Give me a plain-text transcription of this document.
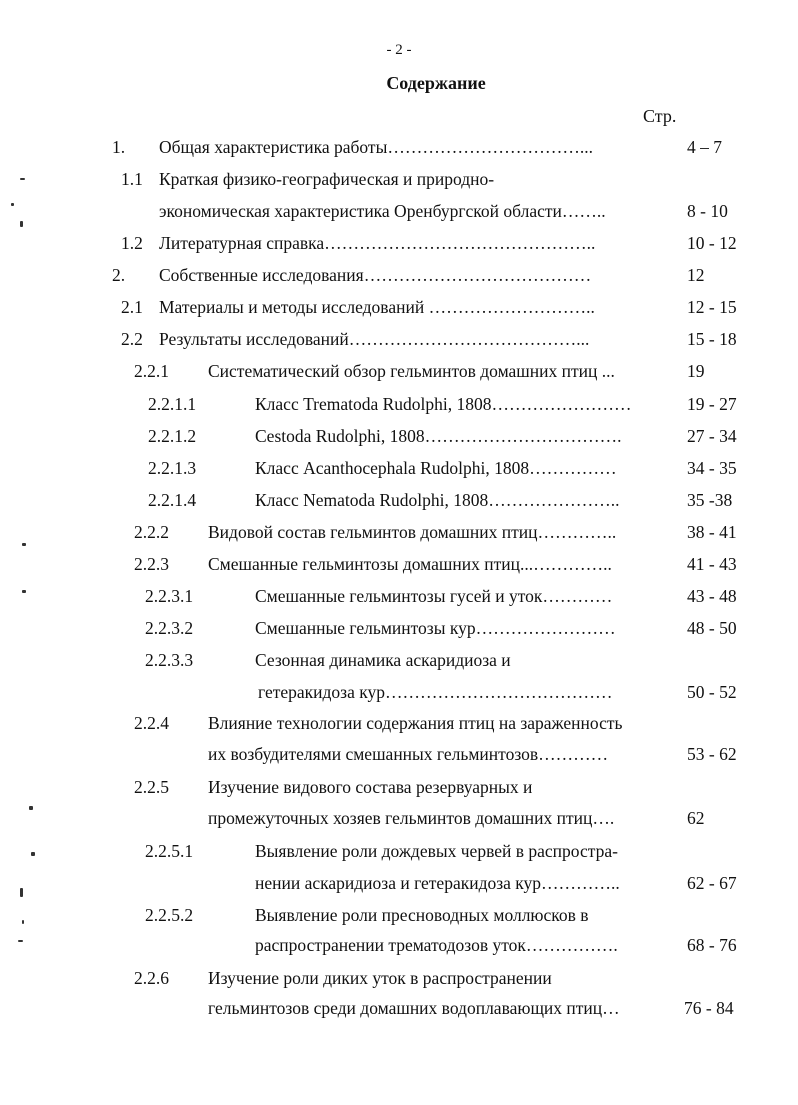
- 2 -
Содержание
Стр.
1. Общая характеристика работы……………………………...	4 – 7
1.1 Краткая физико-географическая и природно-
экономическая характеристика Оренбургской области……..	8 - 10
1.2 Литературная справка………………………………………..	10 - 12
2. Собственные исследования…………………………………	12
2.1 Материалы и методы исследований ………………………..	12 - 15
2.2 Результаты исследований…………………………………...	15 - 18
2.2.1 Систематический обзор гельминтов домашних птиц ...	19
2.2.1.1	Класс Trematoda Rudolphi, 1808……………………	19 - 27
2.2.1.2	Cestoda Rudolphi, 1808…………………………….	27 - 34
2.2.1.3	Класс Acanthocephala Rudolphi, 1808……………	34 - 35
2.2.1.4	Класс Nematoda Rudolphi, 1808…………………..	35 -38
2.2.2 Видовой состав гельминтов домашних птиц…………..	38 - 41
2.2.3 Смешанные гельминтозы домашних птиц...…………..	41 - 43
2.2.3.1	Смешанные гельминтозы гусей и уток…………	43 - 48
2.2.3.2	Смешанные гельминтозы кур……………………	48 - 50
2.2.3.3	Сезонная динамика аскаридиоза и
гетеракидоза кур…………………………………	50 - 52
2.2.4 Влияние технологии содержания птиц на зараженность
их возбудителями смешанных гельминтозов…………	53 - 62
2.2.5 Изучение видового состава резервуарных и
промежуточных хозяев гельминтов домашних птиц….	62
2.2.5.1	Выявление роли дождевых червей в распростра-
нении аскаридиоза и гетеракидоза кур…………..	62 - 67
2.2.5.2	Выявление роли пресноводных моллюсков в
распространении трематодозов уток…………….	68 - 76
2.2.6 Изучение роли диких уток в распространении
гельминтозов среди домашних водоплавающих птиц…	76 - 84
